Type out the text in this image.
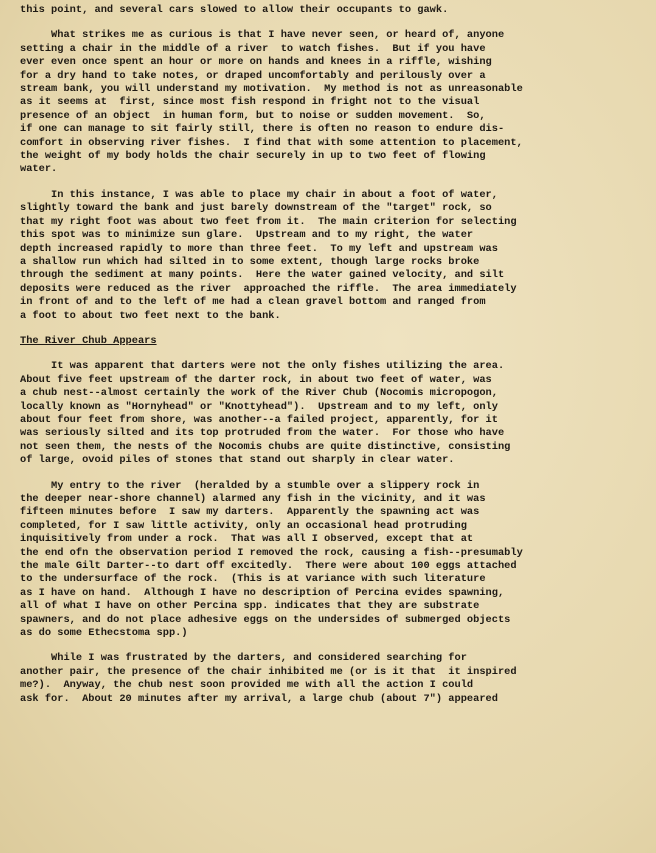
this point, and several cars slowed to allow their occupants to gawk.

What strikes me as curious is that I have never seen, or heard of, anyone
setting a chair in the middle of a river  to watch fishes.  But if you have
ever even once spent an hour or more on hands and knees in a riffle, wishing
for a dry hand to take notes, or draped uncomfortably and perilously over a
stream bank, you will understand my motivation.  My method is not as unreasonable
as it seems at  first, since most fish respond in fright not to the visual
presence of an object  in human form, but to noise or sudden movement.  So,
if one can manage to sit fairly still, there is often no reason to endure dis-
comfort in observing river fishes.  I find that with some attention to placement,
the weight of my body holds the chair securely in up to two feet of flowing
water.

In this instance, I was able to place my chair in about a foot of water,
slightly toward the bank and just barely downstream of the "target" rock, so
that my right foot was about two feet from it.  The main criterion for selecting
this spot was to minimize sun glare.  Upstream and to my right, the water
depth increased rapidly to more than three feet.  To my left and upstream was
a shallow run which had silted in to some extent, though large rocks broke
through the sediment at many points.  Here the water gained velocity, and silt
deposits were reduced as the river  approached the riffle.  The area immediately
in front of and to the left of me had a clean gravel bottom and ranged from
a foot to about two feet next to the bank.

The River Chub Appears

It was apparent that darters were not the only fishes utilizing the area.
About five feet upstream of the darter rock, in about two feet of water, was
a chub nest--almost certainly the work of the River Chub (Nocomis micropogon,
locally known as "Hornyhead" or "Knottyhead").  Upstream and to my left, only
about four feet from shore, was another--a failed project, apparently, for it
was seriously silted and its top protruded from the water.  For those who have
not seen them, the nests of the Nocomis chubs are quite distinctive, consisting
of large, ovoid piles of stones that stand out sharply in clear water.

My entry to the river  (heralded by a stumble over a slippery rock in
the deeper near-shore channel) alarmed any fish in the vicinity, and it was
fifteen minutes before  I saw my darters.  Apparently the spawning act was
completed, for I saw little activity, only an occasional head protruding
inquisitively from under a rock.  That was all I observed, except that at
the end ofn the observation period I removed the rock, causing a fish--presumably
the male Gilt Darter--to dart off excitedly.  There were about 100 eggs attached
to the undersurface of the rock.  (This is at variance with such literature
as I have on hand.  Although I have no description of Percina evides spawning,
all of what I have on other Percina spp. indicates that they are substrate
spawners, and do not place adhesive eggs on the undersides of submerged objects
as do some Ethecstoma spp.)

While I was frustrated by the darters, and considered searching for
another pair, the presence of the chair inhibited me (or is it that  it inspired
me?).  Anyway, the chub nest soon provided me with all the action I could
ask for.  About 20 minutes after my arrival, a large chub (about 7") appeared
